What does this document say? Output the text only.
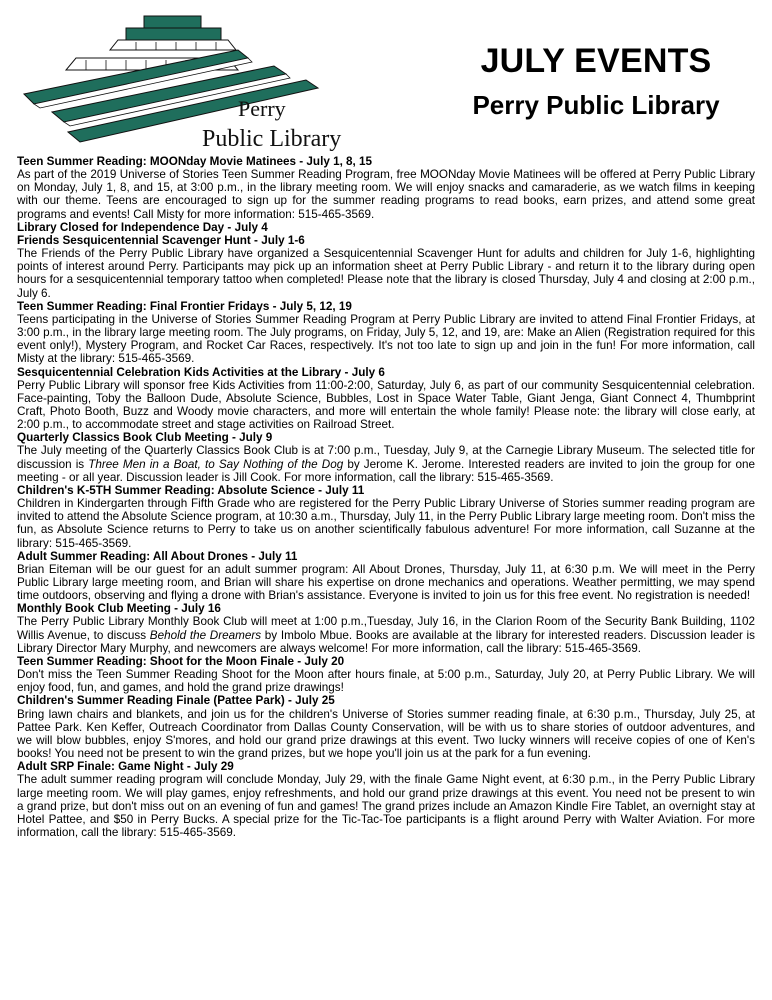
Perry
Public Library
JULY EVENTS
Perry Public Library
Teen Summer Reading: MOONday Movie Matinees - July 1, 8, 15
As part of the 2019 Universe of Stories Teen Summer Reading Program, free MOONday Movie Matinees will be offered at Perry Public Library on Monday, July 1, 8, and 15, at 3:00 p.m., in the library meeting room. We will enjoy snacks and camaraderie, as we watch films in keeping with our theme. Teens are encouraged to sign up for the summer reading programs to read books, earn prizes, and attend some great programs and events! Call Misty for more information: 515-465-3569.
Library Closed for Independence Day - July 4
Friends Sesquicentennial Scavenger Hunt - July 1-6
The Friends of the Perry Public Library have organized a Sesquicentennial Scavenger Hunt for adults and children for July 1-6, highlighting points of interest around Perry. Participants may pick up an information sheet at Perry Public Library - and return it to the library during open hours for a sesquicentennial temporary tattoo when completed! Please note that the library is closed Thursday, July 4 and closing at 2:00 p.m., July 6.
Teen Summer Reading: Final Frontier Fridays - July 5, 12, 19
Teens participating in the Universe of Stories Summer Reading Program at Perry Public Library are invited to attend Final Frontier Fridays, at 3:00 p.m., in the library large meeting room. The July programs, on Friday, July 5, 12, and 19, are: Make an Alien (Registration required for this event only!), Mystery Program, and Rocket Car Races, respectively. It's not too late to sign up and join in the fun! For more information, call Misty at the library: 515-465-3569.
Sesquicentennial Celebration Kids Activities at the Library - July 6
Perry Public Library will sponsor free Kids Activities from 11:00-2:00, Saturday, July 6, as part of our community Sesquicentennial celebration. Face-painting, Toby the Balloon Dude, Absolute Science, Bubbles, Lost in Space Water Table, Giant Jenga, Giant Connect 4, Thumbprint Craft, Photo Booth, Buzz and Woody movie characters, and more will entertain the whole family! Please note: the library will close early, at 2:00 p.m., to accommodate street and stage activities on Railroad Street.
Quarterly Classics Book Club Meeting - July 9
The July meeting of the Quarterly Classics Book Club is at 7:00 p.m., Tuesday, July 9, at the Carnegie Library Museum. The selected title for discussion is Three Men in a Boat, to Say Nothing of the Dog by Jerome K. Jerome. Interested readers are invited to join the group for one meeting - or all year. Discussion leader is Jill Cook. For more information, call the library: 515-465-3569.
Children's K-5TH Summer Reading: Absolute Science - July 11
Children in Kindergarten through Fifth Grade who are registered for the Perry Public Library Universe of Stories summer reading program are invited to attend the Absolute Science program, at 10:30 a.m., Thursday, July 11, in the Perry Public Library large meeting room. Don't miss the fun, as Absolute Science returns to Perry to take us on another scientifically fabulous adventure! For more information, call Suzanne at the library: 515-465-3569.
Adult Summer Reading: All About Drones - July 11
Brian Eiteman will be our guest for an adult summer program: All About Drones, Thursday, July 11, at 6:30 p.m. We will meet in the Perry Public Library large meeting room, and Brian will share his expertise on drone mechanics and operations. Weather permitting, we may spend time outdoors, observing and flying a drone with Brian's assistance. Everyone is invited to join us for this free event. No registration is needed!
Monthly Book Club Meeting - July 16
The Perry Public Library Monthly Book Club will meet at 1:00 p.m.,Tuesday, July 16, in the Clarion Room of the Security Bank Building, 1102 Willis Avenue, to discuss Behold the Dreamers by Imbolo Mbue. Books are available at the library for interested readers. Discussion leader is Library Director Mary Murphy, and newcomers are always welcome! For more information, call the library: 515-465-3569.
Teen Summer Reading: Shoot for the Moon Finale - July 20
Don't miss the Teen Summer Reading Shoot for the Moon after hours finale, at 5:00 p.m., Saturday, July 20, at Perry Public Library. We will enjoy food, fun, and games, and hold the grand prize drawings!
Children's Summer Reading Finale (Pattee Park) - July 25
Bring lawn chairs and blankets, and join us for the children's Universe of Stories summer reading finale, at 6:30 p.m., Thursday, July 25, at Pattee Park. Ken Keffer, Outreach Coordinator from Dallas County Conservation, will be with us to share stories of outdoor adventures, and we will blow bubbles, enjoy S'mores, and hold our grand prize drawings at this event. Two lucky winners will receive copies of one of Ken's books! You need not be present to win the grand prizes, but we hope you'll join us at the park for a fun evening.
Adult SRP Finale: Game Night - July 29
The adult summer reading program will conclude Monday, July 29, with the finale Game Night event, at 6:30 p.m., in the Perry Public Library large meeting room. We will play games, enjoy refreshments, and hold our grand prize drawings at this event. You need not be present to win a grand prize, but don't miss out on an evening of fun and games! The grand prizes include an Amazon Kindle Fire Tablet, an overnight stay at Hotel Pattee, and $50 in Perry Bucks. A special prize for the Tic-Tac-Toe participants is a flight around Perry with Walter Aviation. For more information, call the library: 515-465-3569.
